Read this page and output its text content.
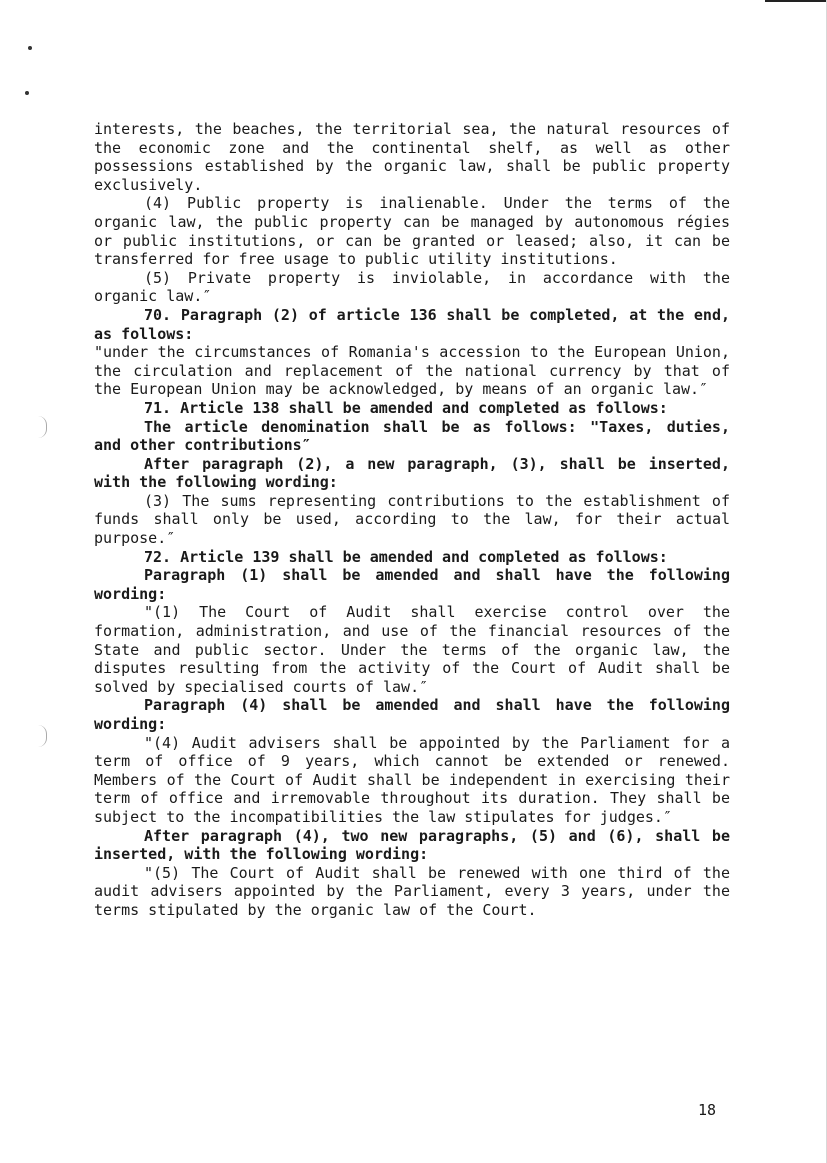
interests, the beaches, the territorial sea, the natural resources of the economic zone and the continental shelf, as well as other possessions established by the organic law, shall be public property exclusively.

(4) Public property is inalienable. Under the terms of the organic law, the public property can be managed by autonomous régies or public institutions, or can be granted or leased; also, it can be transferred for free usage to public utility institutions.

(5) Private property is inviolable, in accordance with the organic law.″

70. Paragraph (2) of article 136 shall be completed, at the end, as follows:

"under the circumstances of Romania's accession to the European Union, the circulation and replacement of the national currency by that of the European Union may be acknowledged, by means of an organic law.″

71. Article 138 shall be amended and completed as follows:

The article denomination shall be as follows: "Taxes, duties, and other contributions″

After paragraph (2), a new paragraph, (3), shall be inserted, with the following wording:

(3) The sums representing contributions to the establishment of funds shall only be used, according to the law, for their actual purpose.″

72. Article 139 shall be amended and completed as follows:

Paragraph (1) shall be amended and shall have the following wording:

"(1) The Court of Audit shall exercise control over the formation, administration, and use of the financial resources of the State and public sector. Under the terms of the organic law, the disputes resulting from the activity of the Court of Audit shall be solved by specialised courts of law.″

Paragraph (4) shall be amended and shall have the following wording:

"(4) Audit advisers shall be appointed by the Parliament for a term of office of 9 years, which cannot be extended or renewed. Members of the Court of Audit shall be independent in exercising their term of office and irremovable throughout its duration. They shall be subject to the incompatibilities the law stipulates for judges.″

After paragraph (4), two new paragraphs, (5) and (6), shall be inserted, with the following wording:

"(5) The Court of Audit shall be renewed with one third of the audit advisers appointed by the Parliament, every 3 years, under the terms stipulated by the organic law of the Court.

18
